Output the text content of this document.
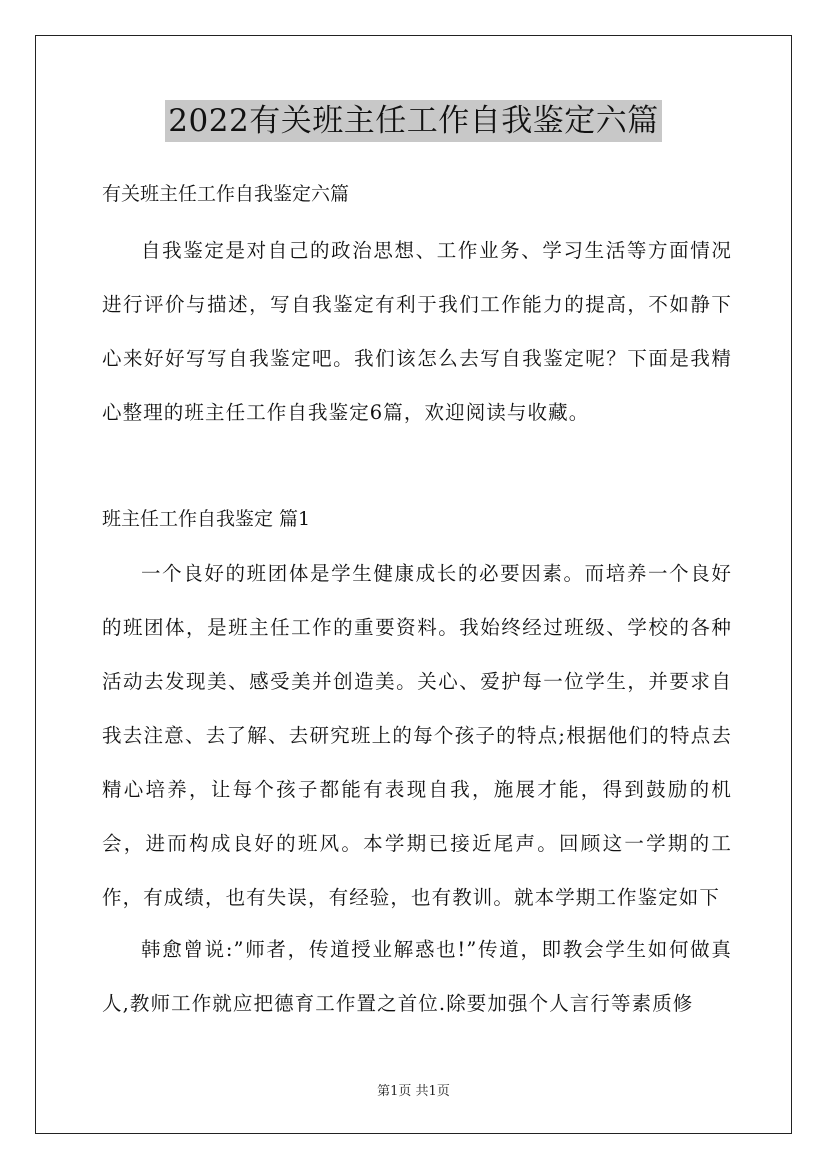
2022有关班主任工作自我鉴定六篇
有关班主任工作自我鉴定六篇

自我鉴定是对自己的政治思想、工作业务、学习生活等方面情况进行评价与描述，写自我鉴定有利于我们工作能力的提高，不如静下心来好好写写自我鉴定吧。我们该怎么去写自我鉴定呢？下面是我精心整理的班主任工作自我鉴定6篇，欢迎阅读与收藏。

班主任工作自我鉴定 篇1

一个良好的班团体是学生健康成长的必要因素。而培养一个良好的班团体，是班主任工作的重要资料。我始终经过班级、学校的各种活动去发现美、感受美并创造美。关心、爱护每一位学生，并要求自我去注意、去了解、去研究班上的每个孩子的特点;根据他们的特点去精心培养，让每个孩子都能有表现自我，施展才能，得到鼓励的机会，进而构成良好的班风。本学期已接近尾声。回顾这一学期的工作，有成绩，也有失误，有经验，也有教训。就本学期工作鉴定如下

韩愈曾说:”师者，传道授业解惑也!”传道，即教会学生如何做真人,教师工作就应把德育工作置之首位.除要加强个人言行等素质修

第1页 共1页
